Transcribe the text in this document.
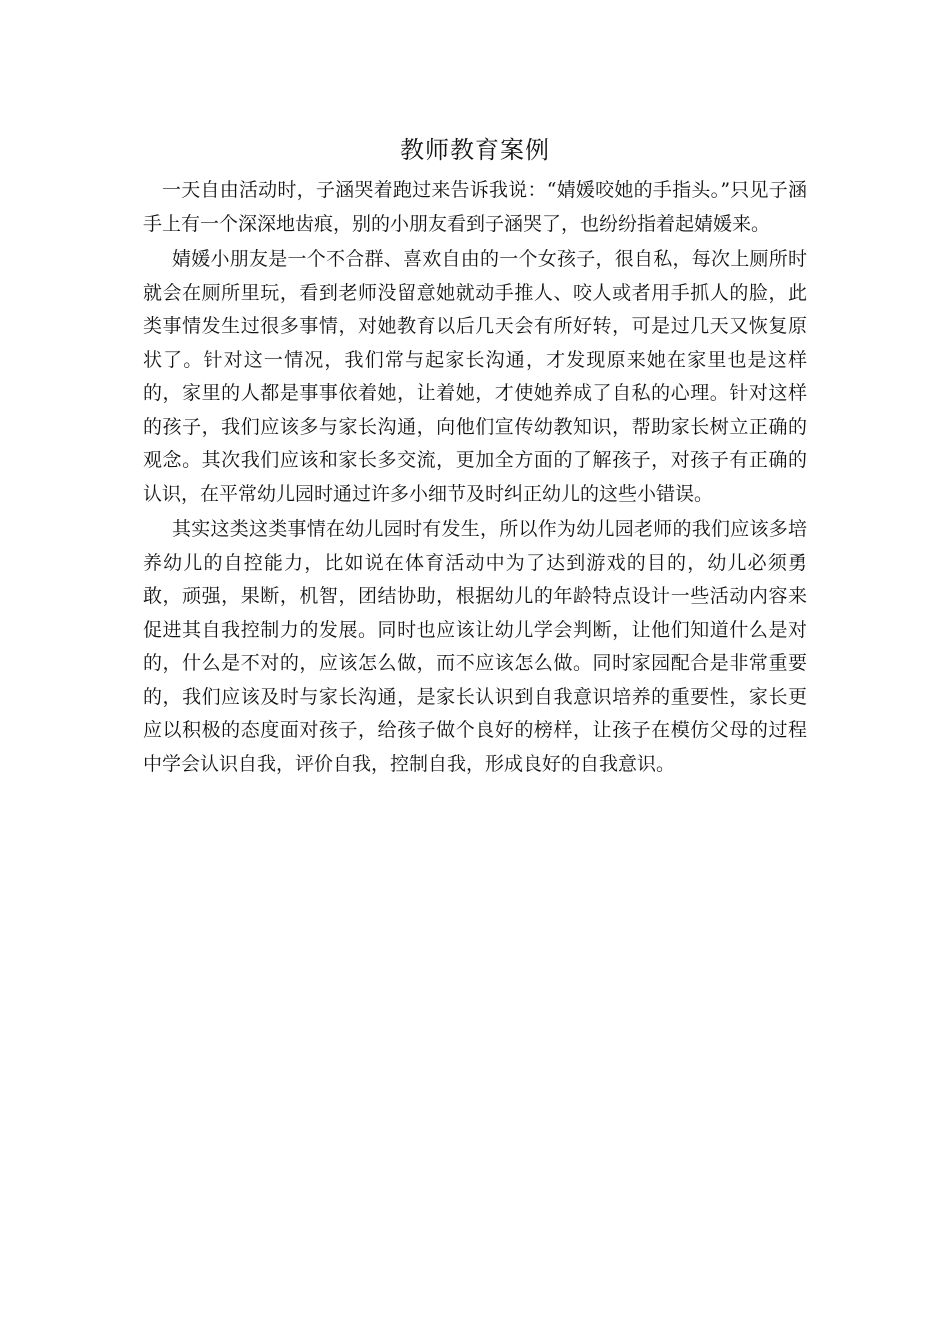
教师教育案例

一天自由活动时，子涵哭着跑过来告诉我说：“婧媛咬她的手指头。”只见子涵手上有一个深深地齿痕，别的小朋友看到子涵哭了，也纷纷指着起婧媛来。

婧媛小朋友是一个不合群、喜欢自由的一个女孩子，很自私，每次上厕所时就会在厕所里玩，看到老师没留意她就动手推人、咬人或者用手抓人的脸，此类事情发生过很多事情，对她教育以后几天会有所好转，可是过几天又恢复原状了。针对这一情况，我们常与起家长沟通，才发现原来她在家里也是这样的，家里的人都是事事依着她，让着她，才使她养成了自私的心理。针对这样的孩子，我们应该多与家长沟通，向他们宣传幼教知识，帮助家长树立正确的观念。其次我们应该和家长多交流，更加全方面的了解孩子，对孩子有正确的认识，在平常幼儿园时通过许多小细节及时纠正幼儿的这些小错误。

其实这类这类事情在幼儿园时有发生，所以作为幼儿园老师的我们应该多培养幼儿的自控能力，比如说在体育活动中为了达到游戏的目的，幼儿必须勇敢，顽强，果断，机智，团结协助，根据幼儿的年龄特点设计一些活动内容来促进其自我控制力的发展。同时也应该让幼儿学会判断，让他们知道什么是对的，什么是不对的，应该怎么做，而不应该怎么做。同时家园配合是非常重要的，我们应该及时与家长沟通，是家长认识到自我意识培养的重要性，家长更应以积极的态度面对孩子，给孩子做个良好的榜样，让孩子在模仿父母的过程中学会认识自我，评价自我，控制自我，形成良好的自我意识。
